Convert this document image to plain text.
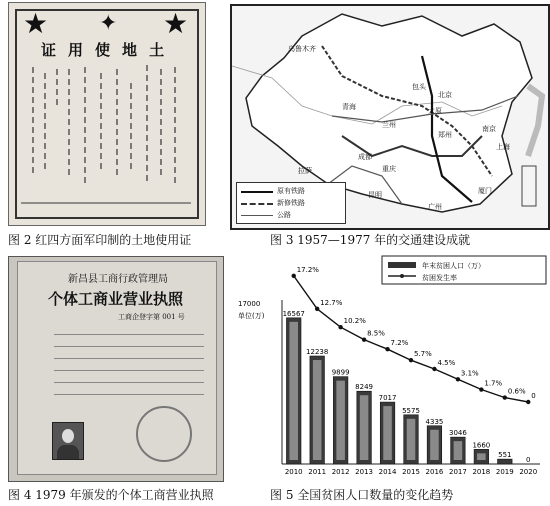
★ ✦ ★
证用使地土	乌鲁木齐
北京
兰州
拉萨
昆明
广州
上海
厦门
包头
太原
郑州
成都
重庆
南京
青海
原有铁路
新修铁路
公路
图 2 红四方面军印制的土地使用证	图 3 1957—1977 年的交通建设成就
新昌县工商行政管理局
个体工商业营业执照
工商企登字第 001 号
年末贫困人口（万）
贫困发生率
17000
单位(万)	16567
2010
12238
2011
9899
2012
8249
2013
7017
2014
5575
2015
4335
2016
3046
2017
1660
2018
551
2019
0
2020
17.2%
12.7%
10.2%
8.5%
7.2%
5.7%
4.5%
3.1%
1.7%
0.6%
0
图 4 1979 年颁发的个体工商营业执照	图 5 全国贫困人口数量的变化趋势
